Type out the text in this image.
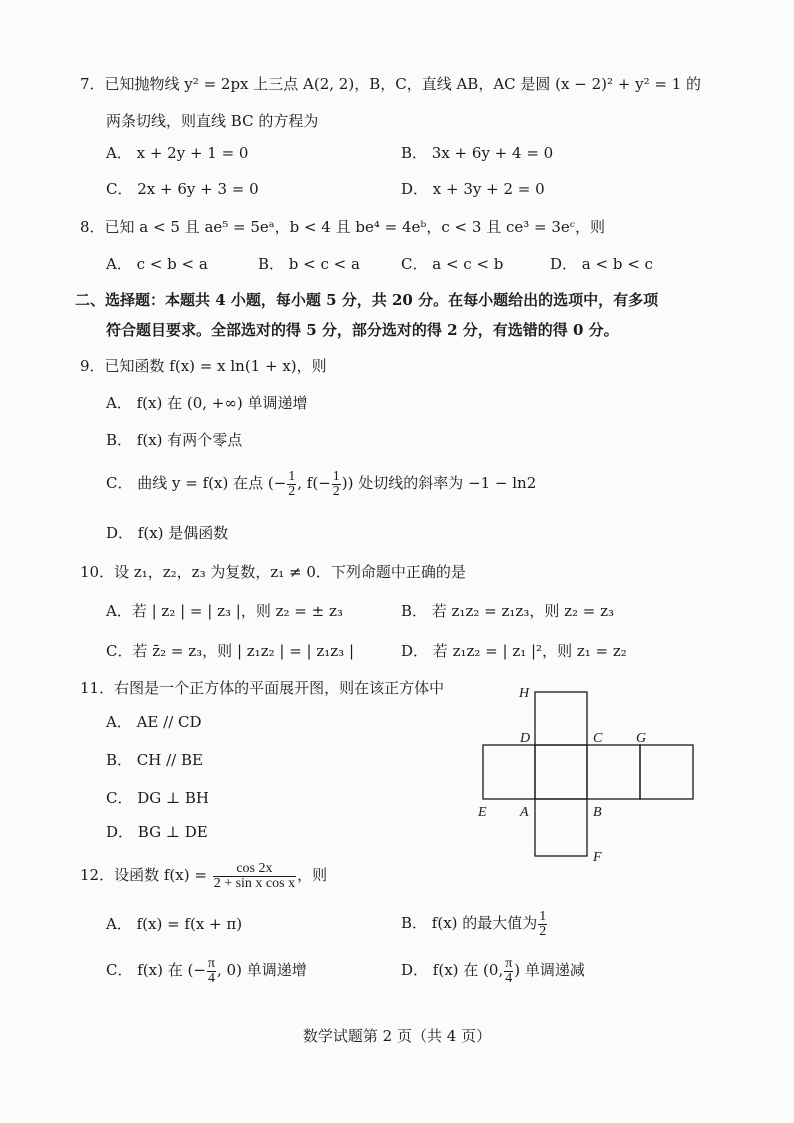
7．已知抛物线 y² = 2px 上三点 A(2, 2)，B，C，直线 AB，AC 是圆 (x − 2)² + y² = 1 的
两条切线，则直线 BC 的方程为
A． x + 2y + 1 = 0	B． 3x + 6y + 4 = 0
C． 2x + 6y + 3 = 0	D． x + 3y + 2 = 0
8．已知 a < 5 且 ae⁵ = 5eᵃ，b < 4 且 be⁴ = 4eᵇ，c < 3 且 ce³ = 3eᶜ，则
A． c < b < a	B． b < c < a	C． a < c < b	D． a < b < c
二、选择题：本题共 4 小题，每小题 5 分，共 20 分。在每小题给出的选项中，有多项
符合题目要求。全部选对的得 5 分，部分选对的得 2 分，有选错的得 0 分。
9．已知函数 f(x) = x ln(1 + x)，则
A． f(x) 在 (0, +∞) 单调递增
B． f(x) 有两个零点
C． 曲线 y = f(x) 在点 (− $\frac{1}{2}$ , $f(- \frac{1}{2}$ )) 处切线的斜率为 −1 − ln2
D． f(x) 是偶函数
10．设 z₁，z₂，z₃ 为复数，z₁ ≠ 0．下列命题中正确的是
A．若 | z₂ | = | z₃ |，则 z₂ = ± z₃	B． 若 z₁z₂ = z₁z₃，则 z₂ = z₃
C．若 z̄₂ = z₃，则 | z₁z₂ | = | z₁z₃ |	D． 若 z₁z₂ = | z₁ |²，则 z₁ = z₂
11．右图是一个正方体的平面展开图，则在该正方体中
A． AE // CD
B． CH // BE
C． DG ⊥ BH
D． BG ⊥ DE
H
D	C G
E A	B
F
12．设函数 $f(x) = \frac{\cos 2x}{\text{2 + sin x cos x}}$ ，则
A． f(x) = f(x + π)	B． f(x) 的最大值为 $\frac{1}{2}$
C． f(x) 在 (− $\frac{\pi}{4}$ , 0) 单调递增	D． f(x) 在 (0, $\frac{\pi}{4}$ ) 单调递减
数学试题第 2 页（共 4 页）
